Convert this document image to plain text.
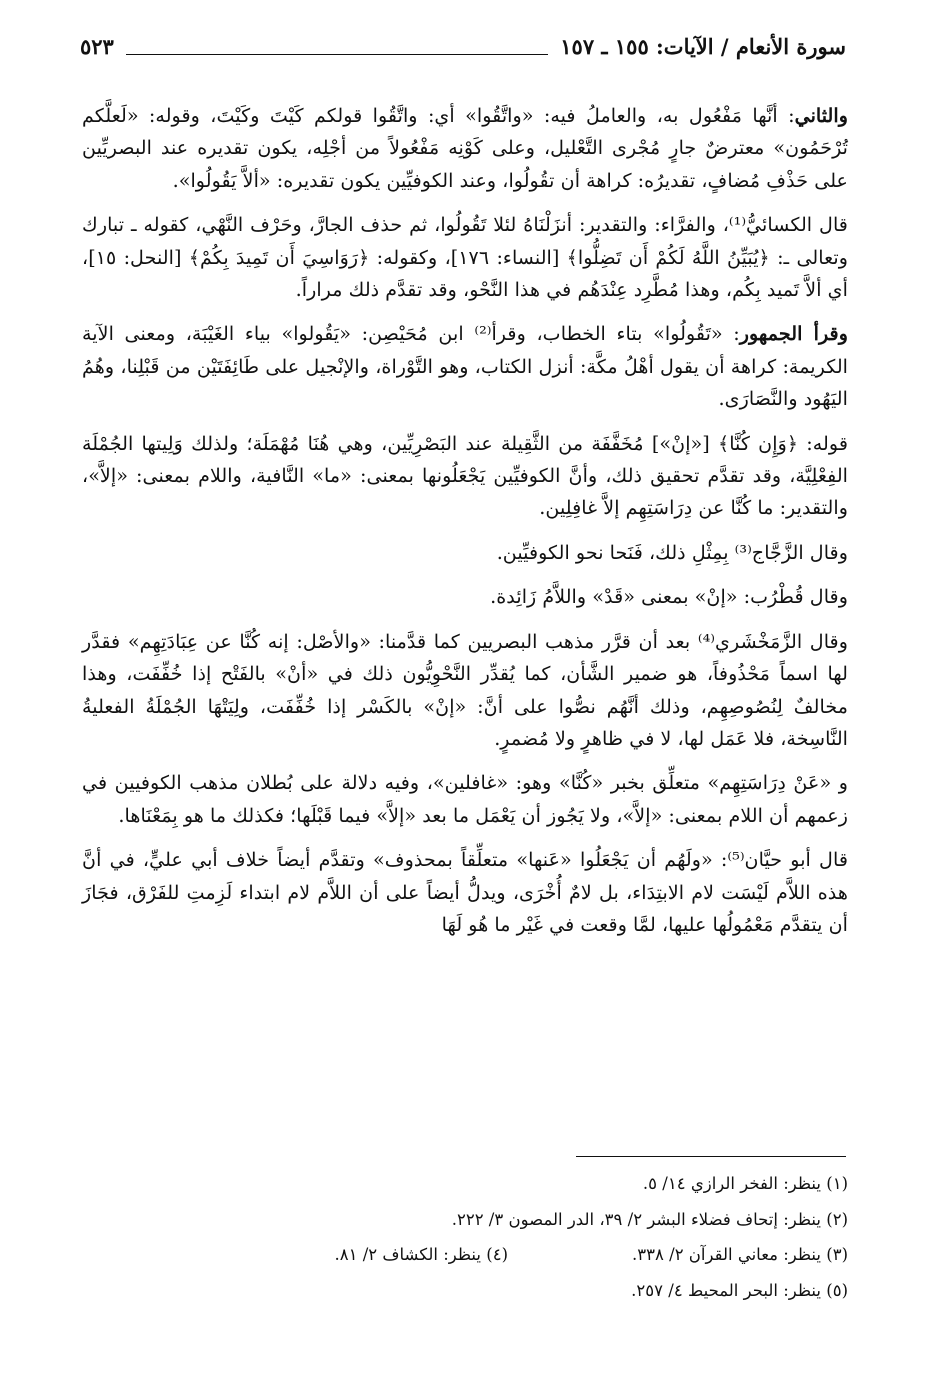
سورة الأنعام / الآيات: ١٥٥ ـ ١٥٧
٥٢٣

والثاني: أنَّها مَفْعُول به، والعاملُ فيه: «واتَّقُوا» أي: واتَّقُوا قولكم كَيْتَ وكَيْتَ، وقوله: «لَعلَّكم تُرْحَمُون» معترضٌ جارٍ مُجْرى التَّعْليل، وعلى كَوْنِه مَفْعُولاً من أجْلِه، يكون تقديره عند البصريِّين على حَذْفِ مُضافٍ، تقديرُه: كراهة أن تقُولُوا، وعند الكوفيِّين يكون تقديره: «ألاَّ يَقُولُوا».

قال الكسائيُّ⁽¹⁾، والفرَّاء: والتقدير: أنزَلْنَاهُ لئلا تَقُولُوا، ثم حذف الجارَّ، وحَرْف النَّهْي، كقوله ـ تبارك وتعالى ـ: ﴿يُبَيِّنُ اللَّهُ لَكُمْ أَن تَضِلُّوا﴾ [النساء: ١٧٦]، وكقوله: ﴿رَوَاسِيَ أَن تَمِيدَ بِكُمْ﴾ [النحل: ١٥]، أي ألاَّ تَميد بِكُم، وهذا مُطَّرِد عِنْدَهُم في هذا النَّحْو، وقد تقدَّم ذلك مراراً.

وقرأ الجمهور: «تَقُولُوا» بتاء الخطاب، وقرأ⁽²⁾ ابن مُحَيْصِن: «يَقُولوا» بياء الغَيْبَة، ومعنى الآية الكريمة: كراهة أن يقول أهْلُ مكَّة: أنزل الكتاب، وهو التَّوْراة، والإنْجيل على طَائِفَتَيْن من قَبْلِنا، وهُمُ اليَهُود والنَّصَارَى.

قوله: ﴿وَإِن كُنَّا﴾ [«إنْ»] مُخَفَّفَة من الثَّقِيلة عند البَصْرِيِّين، وهي هُنَا مُهْمَلَة؛ ولذلك وَلِيتها الجُمْلَة الفِعْلِيَّة، وقد تقدَّم تحقيق ذلك، وأنَّ الكوفيِّين يَجْعَلُونها بمعنى: «ما» النَّافية، واللام بمعنى: «إلاَّ»، والتقدير: ما كُنَّا عن دِرَاسَتِهِم إلاَّ غافِلِين.

وقال الزَّجَّاج⁽³⁾ بِمِثْلِ ذلك، فَنَحا نحو الكوفيِّين.

وقال قُطْرُب: «إنْ» بمعنى «قَدْ» واللاَّمُ زَائِدة.

وقال الزَّمَخْشَري⁽⁴⁾ بعد أن قرَّر مذهب البصريين كما قدَّمنا: «والأصْل: إنه كُنَّا عن عِبَادَتِهِم» فقدَّر لها اسماً مَحْذُوفاً، هو ضمير الشَّأن، كما يُقدِّر النَّحْوِيُّون ذلك في «أنْ» بالفَتْح إذا خُفِّفَت، وهذا مخالفٌ لِنُصُوصِهِم، وذلك أنَّهُم نصُّوا على أنَّ: «إنْ» بالكَسْر إذا خُفِّفَت، ولِيَتْهَا الجُمْلَةُ الفعليةُ النَّاسِخة، فلا عَمَل لها، لا في ظاهرٍ ولا مُضمرٍ.

و «عَنْ دِرَاسَتِهِم» متعلِّق بخبر «كُنَّا» وهو: «غافلين»، وفيه دلالة على بُطلان مذهب الكوفيين في زعمهم أن اللام بمعنى: «إلاَّ»، ولا يَجُوز أن يَعْمَل ما بعد «إلاَّ» فيما قَبْلَها؛ فكذلك ما هو بِمَعْنَاها.

قال أبو حيَّان⁽⁵⁾: «ولَهُم أن يَجْعَلُوا «عَنها» متعلِّقاً بمحذوف» وتقدَّم أيضاً خلاف أبي عليٍّ، في أنَّ هذه اللاَّم لَيْسَت لام الابتِدَاء، بل لامٌ أُخْرَى، ويدلُّ أيضاً على أن اللاَّم لام ابتداء لَزِمتِ للفَرْق، فجَازَ أن يتقدَّم مَعْمُولُها عليها، لمَّا وقعت في غَيْر ما هُو لَهَا

(١) ينظر: الفخر الرازي ١٤/ ٥.
(٢) ينظر: إتحاف فضلاء البشر ٢/ ٣٩، الدر المصون ٣/ ٢٢٢.
(٣) ينظر: معاني القرآن ٢/ ٣٣٨.
(٤) ينظر: الكشاف ٢/ ٨١.
(٥) ينظر: البحر المحيط ٤/ ٢٥٧.
